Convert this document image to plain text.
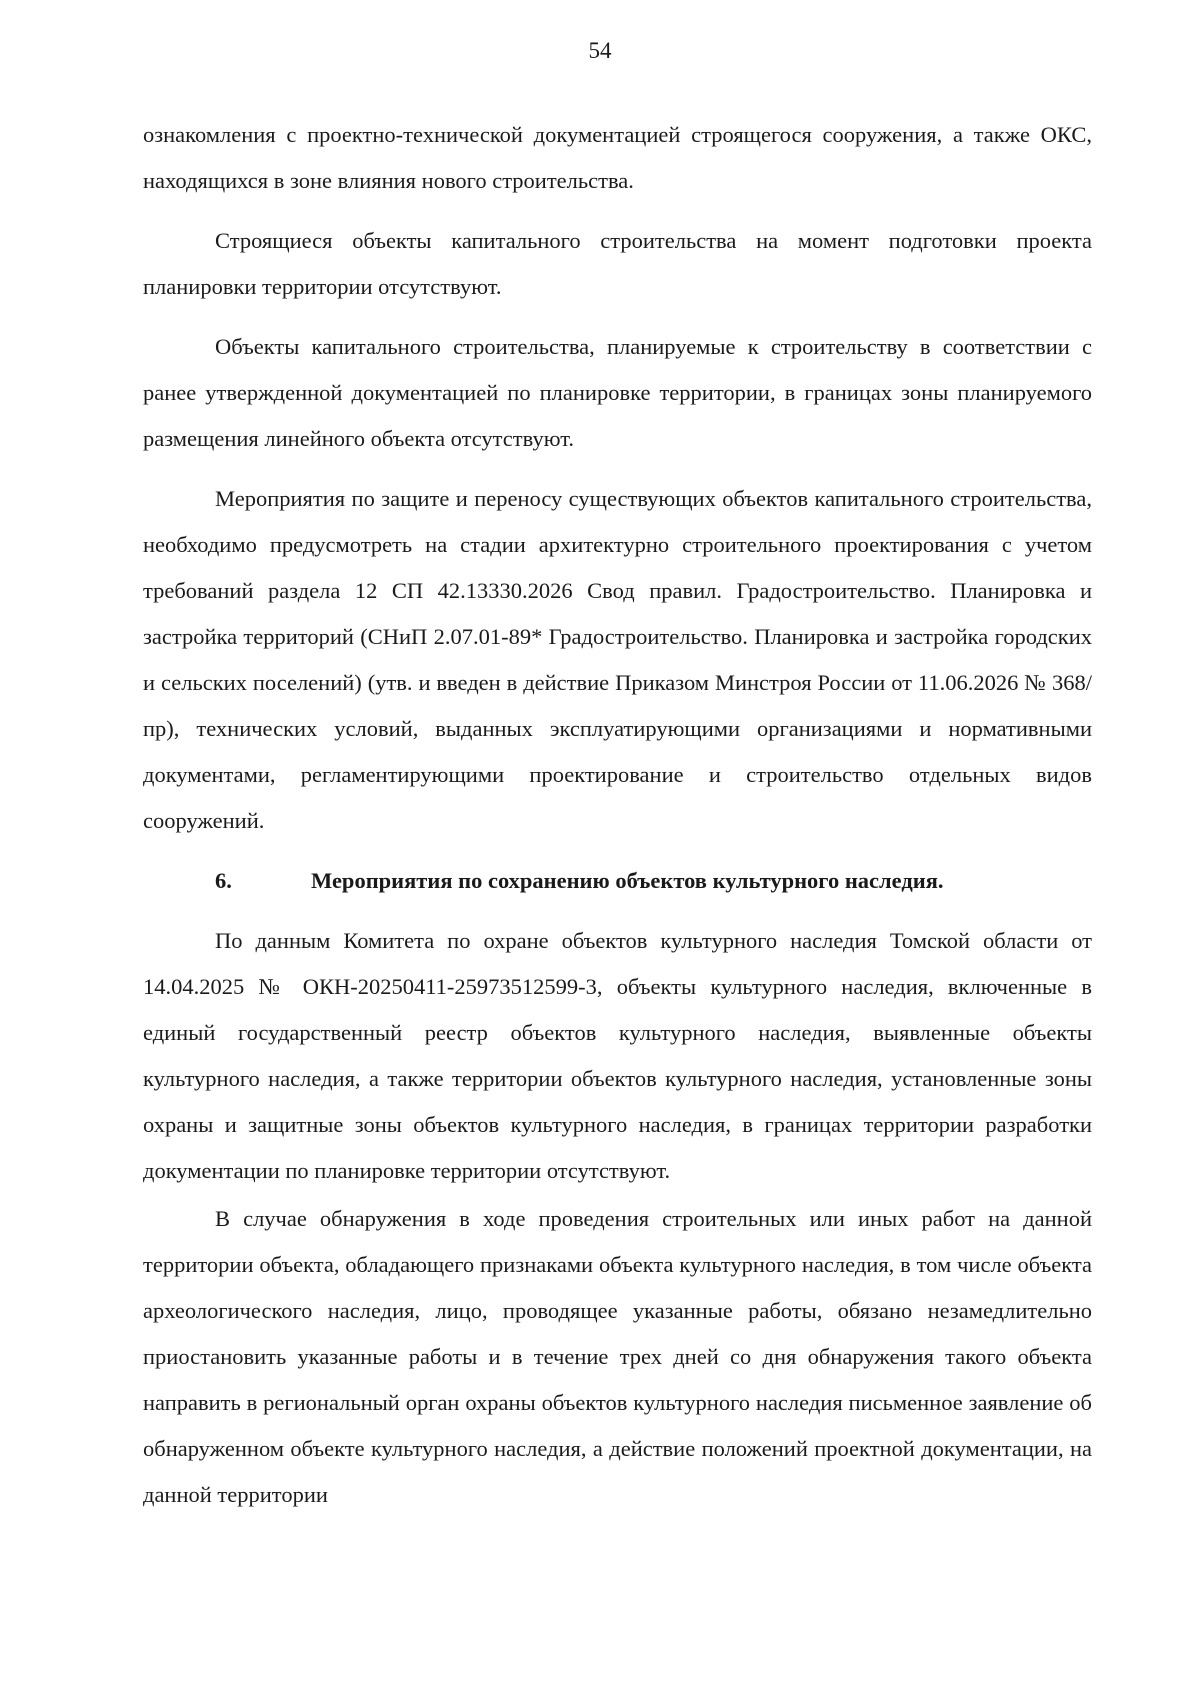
54

ознакомления с проектно-технической документацией строящегося сооружения, а также ОКС, находящихся в зоне влияния нового строительства.

Строящиеся объекты капитального строительства на момент подготовки проекта планировки территории отсутствуют.

Объекты капитального строительства, планируемые к строительству в соответствии с ранее утвержденной документацией по планировке территории, в границах зоны планируемого размещения линейного объекта отсутствуют.

Мероприятия по защите и переносу существующих объектов капитального строительства, необходимо предусмотреть на стадии архитектурно строительного проектирования с учетом требований раздела 12 СП 42.13330.2026 Свод правил. Градостроительство. Планировка и застройка территорий (СНиП 2.07.01-89* Градостроительство. Планировка и застройка городских и сельских поселений) (утв. и введен в действие Приказом Минстроя России от 11.06.2026 № 368/пр), технических условий, выданных эксплуатирующими организациями и нормативными документами, регламентирующими проектирование и строительство отдельных видов сооружений.

6.	Мероприятия по сохранению объектов культурного наследия.

По данным Комитета по охране объектов культурного наследия Томской области от 14.04.2025 № ОКН-20250411-25973512599-3, объекты культурного наследия, включенные в единый государственный реестр объектов культурного наследия, выявленные объекты культурного наследия, а также территории объектов культурного наследия, установленные зоны охраны и защитные зоны объектов культурного наследия, в границах территории разработки документации по планировке территории отсутствуют.

В случае обнаружения в ходе проведения строительных или иных работ на данной территории объекта, обладающего признаками объекта культурного наследия, в том числе объекта археологического наследия, лицо, проводящее указанные работы, обязано незамедлительно приостановить указанные работы и в течение трех дней со дня обнаружения такого объекта направить в региональный орган охраны объектов культурного наследия письменное заявление об обнаруженном объекте культурного наследия, а действие положений проектной документации, на данной территории
